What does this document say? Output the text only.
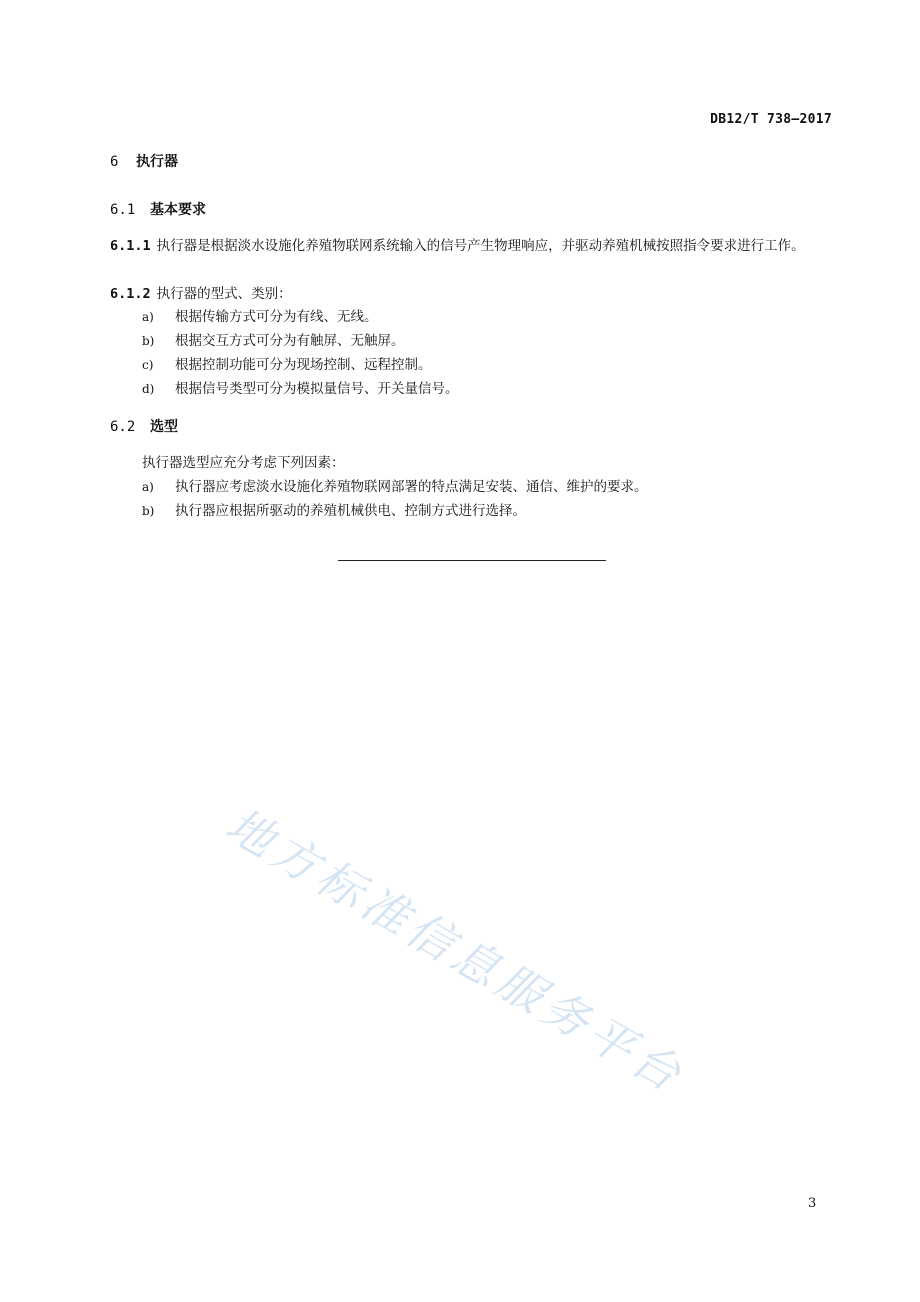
DB12/T 738—2017
6 执行器
6.1 基本要求
6.1.1 执行器是根据淡水设施化养殖物联网系统输入的信号产生物理响应，并驱动养殖机械按照指令要求进行工作。
6.1.2 执行器的型式、类别：
a) 根据传输方式可分为有线、无线。
b) 根据交互方式可分为有触屏、无触屏。
c) 根据控制功能可分为现场控制、远程控制。
d) 根据信号类型可分为模拟量信号、开关量信号。
6.2 选型
执行器选型应充分考虑下列因素：
a) 执行器应考虑淡水设施化养殖物联网部署的特点满足安装、通信、维护的要求。
b) 执行器应根据所驱动的养殖机械供电、控制方式进行选择。
地方标准信息服务平台
3
